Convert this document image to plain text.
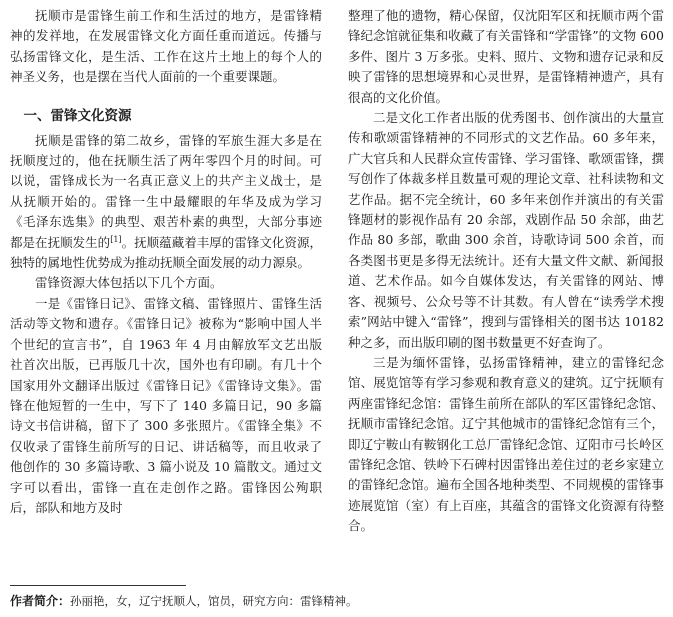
抚顺市是雷锋生前工作和生活过的地方，是雷锋精神的发祥地，在发展雷锋文化方面任重而道远。传播与弘扬雷锋文化，是生活、工作在这片土地上的每个人的神圣义务，也是摆在当代人面前的一个重要课题。

一、雷锋文化资源

抚顺是雷锋的第二故乡，雷锋的军旅生涯大多是在抚顺度过的，他在抚顺生活了两年零四个月的时间。可以说，雷锋成长为一名真正意义上的共产主义战士，是从抚顺开始的。雷锋一生中最耀眼的年华及成为学习《毛泽东选集》的典型、艰苦朴素的典型，大部分事迹都是在抚顺发生的[1]。抚顺蕴藏着丰厚的雷锋文化资源，独特的属地性优势成为推动抚顺全面发展的动力源泉。

雷锋资源大体包括以下几个方面。

一是《雷锋日记》、雷锋文稿、雷锋照片、雷锋生活活动等文物和遗存。《雷锋日记》被称为“影响中国人半个世纪的宣言书”，自 1963 年 4 月由解放军文艺出版社首次出版，已再版几十次，国外也有印刷。有几十个国家用外文翻译出版过《雷锋日记》《雷锋诗文集》。雷锋在他短暂的一生中，写下了 140 多篇日记，90 多篇诗文书信讲稿，留下了 300 多张照片。《雷锋全集》不仅收录了雷锋生前所写的日记、讲话稿等，而且收录了他创作的 30 多篇诗歌、3 篇小说及 10 篇散文。通过文字可以看出，雷锋一直在走创作之路。雷锋因公殉职后，部队和地方及时

整理了他的遗物，精心保留，仅沈阳军区和抚顺市两个雷锋纪念馆就征集和收藏了有关雷锋和“学雷锋”的文物 600 多件、图片 3 万多张。史料、照片、文物和遗存记录和反映了雷锋的思想境界和心灵世界，是雷锋精神遗产，具有很高的文化价值。

二是文化工作者出版的优秀图书、创作演出的大量宣传和歌颂雷锋精神的不同形式的文艺作品。60 多年来，广大官兵和人民群众宣传雷锋、学习雷锋、歌颂雷锋，撰写创作了体裁多样且数量可观的理论文章、社科读物和文艺作品。据不完全统计，60 多年来创作并演出的有关雷锋题材的影视作品有 20 余部，戏剧作品 50 余部，曲艺作品 80 多部，歌曲 300 余首，诗歌诗词 500 余首，而各类图书更是多得无法统计。还有大量文件文献、新闻报道、艺术作品。如今自媒体发达，有关雷锋的网站、博客、视频号、公众号等不计其数。有人曾在“读秀学术搜索”网站中键入“雷锋”，搜到与雷锋相关的图书达 10182 种之多，而出版印刷的图书数量更不好查询了。

三是为缅怀雷锋，弘扬雷锋精神，建立的雷锋纪念馆、展览馆等有学习参观和教育意义的建筑。辽宁抚顺有两座雷锋纪念馆：雷锋生前所在部队的军区雷锋纪念馆、抚顺市雷锋纪念馆。辽宁其他城市的雷锋纪念馆有三个，即辽宁鞍山有鞍钢化工总厂雷锋纪念馆、辽阳市弓长岭区雷锋纪念馆、铁岭下石碑村因雷锋出差住过的老乡家建立的雷锋纪念馆。遍布全国各地种类型、不同规模的雷锋事迹展览馆（室）有上百座，其蕴含的雷锋文化资源有待整合。

作者简介：孙丽艳，女，辽宁抚顺人，馆员，研究方向：雷锋精神。
